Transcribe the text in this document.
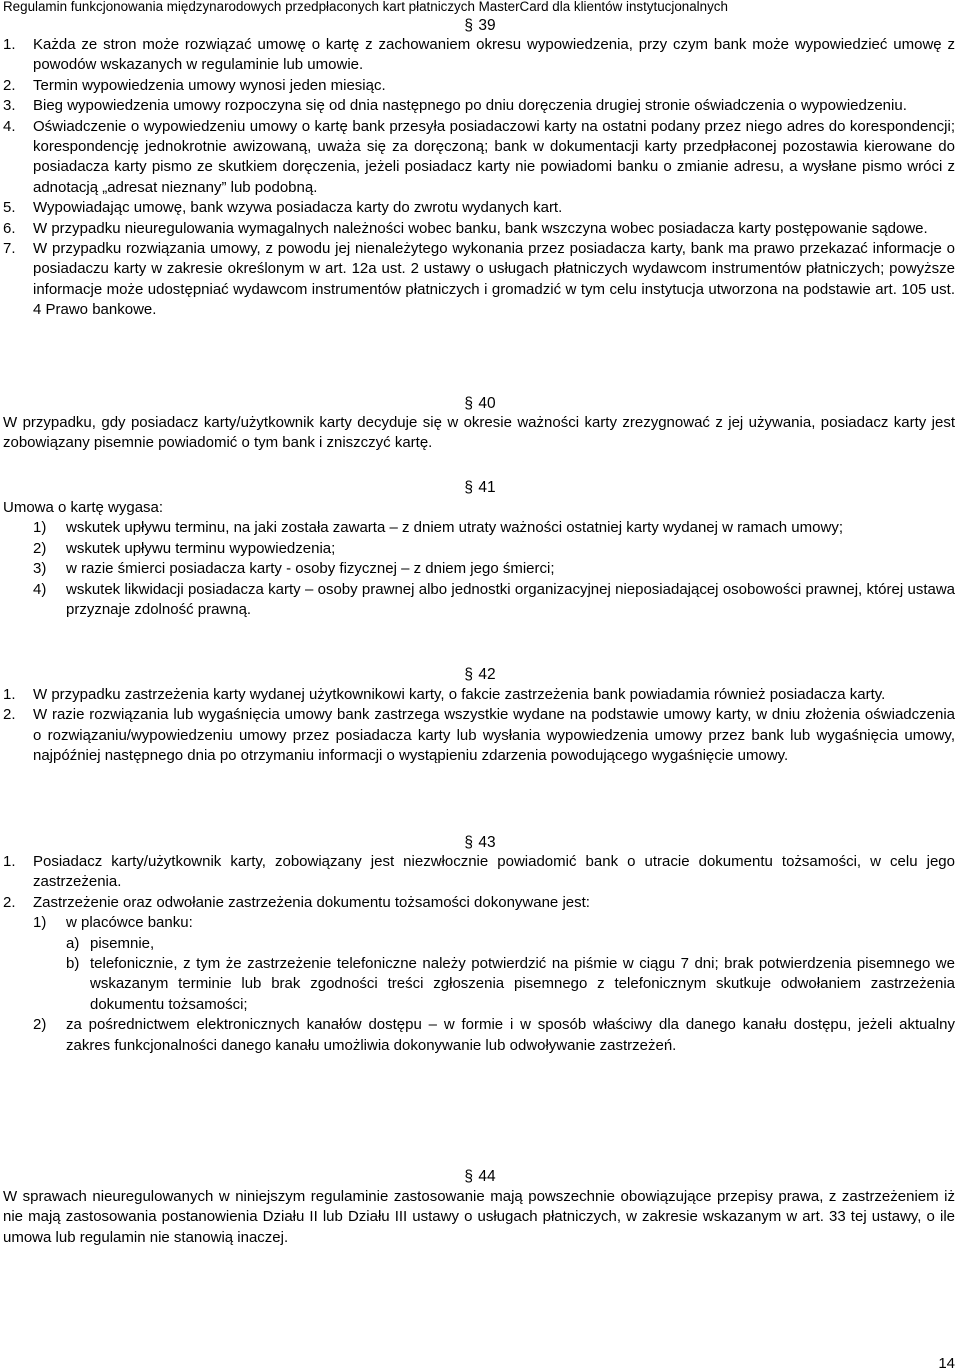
Regulamin funkcjonowania międzynarodowych przedpłaconych kart płatniczych MasterCard dla klientów instytucjonalnych
§ 39
1. Każda ze stron może rozwiązać umowę o kartę z zachowaniem okresu wypowiedzenia, przy czym bank może wypowiedzieć umowę z powodów wskazanych w regulaminie lub umowie.
2. Termin wypowiedzenia umowy wynosi jeden miesiąc.
3. Bieg wypowiedzenia umowy rozpoczyna się od dnia następnego po dniu doręczenia drugiej stronie oświadczenia o wypowiedzeniu.
4. Oświadczenie o wypowiedzeniu umowy o kartę bank przesyła posiadaczowi karty na ostatni podany przez niego adres do korespondencji; korespondencję jednokrotnie awizowaną, uważa się za doręczoną; bank w dokumentacji karty przedpłaconej pozostawia kierowane do posiadacza karty pismo ze skutkiem doręczenia, jeżeli posiadacz karty nie powiadomi banku o zmianie adresu, a wysłane pismo wróci z adnotacją „adresat nieznany” lub podobną.
5. Wypowiadając umowę, bank wzywa posiadacza karty do zwrotu wydanych kart.
6. W przypadku nieuregulowania wymagalnych należności wobec banku, bank wszczyna wobec posiadacza karty postępowanie sądowe.
7. W przypadku rozwiązania umowy, z powodu jej nienależytego wykonania przez posiadacza karty, bank ma prawo przekazać informacje o posiadaczu karty w zakresie określonym w art. 12a ust. 2 ustawy o usługach płatniczych wydawcom instrumentów płatniczych; powyższe informacje może udostępniać wydawcom instrumentów płatniczych i gromadzić w tym celu instytucja utworzona na podstawie art. 105 ust. 4 Prawo bankowe.
§ 40
W przypadku, gdy posiadacz karty/użytkownik karty decyduje się w okresie ważności karty zrezygnować z jej używania, posiadacz karty jest zobowiązany pisemnie powiadomić o tym bank i zniszczyć kartę.
§ 41
Umowa o kartę wygasa:
1) wskutek upływu terminu, na jaki została zawarta – z dniem utraty ważności ostatniej karty wydanej w ramach umowy;
2) wskutek upływu terminu wypowiedzenia;
3) w razie śmierci posiadacza karty - osoby fizycznej – z dniem jego śmierci;
4) wskutek likwidacji posiadacza karty – osoby prawnej albo jednostki organizacyjnej nieposiadającej osobowości prawnej, której ustawa przyznaje zdolność prawną.
§ 42
1. W przypadku zastrzeżenia karty wydanej użytkownikowi karty, o fakcie zastrzeżenia bank powiadamia również posiadacza karty.
2. W razie rozwiązania lub wygaśnięcia umowy bank zastrzega wszystkie wydane na podstawie umowy karty, w dniu złożenia oświadczenia o rozwiązaniu/wypowiedzeniu umowy przez posiadacza karty lub wysłania wypowiedzenia umowy przez bank lub wygaśnięcia umowy, najpóźniej następnego dnia po otrzymaniu informacji o wystąpieniu zdarzenia powodującego wygaśnięcie umowy.
§ 43
1. Posiadacz karty/użytkownik karty, zobowiązany jest niezwłocznie powiadomić bank o utracie dokumentu tożsamości, w celu jego zastrzeżenia.
2. Zastrzeżenie oraz odwołanie zastrzeżenia dokumentu tożsamości dokonywane jest:
1) w placówce banku:
a) pisemnie,
b) telefonicznie, z tym że zastrzeżenie telefoniczne należy potwierdzić na piśmie w ciągu 7 dni; brak potwierdzenia pisemnego we wskazanym terminie lub brak zgodności treści zgłoszenia pisemnego z telefonicznym skutkuje odwołaniem zastrzeżenia dokumentu tożsamości;
2) za pośrednictwem elektronicznych kanałów dostępu – w formie i w sposób właściwy dla danego kanału dostępu, jeżeli aktualny zakres funkcjonalności danego kanału umożliwia dokonywanie lub odwoływanie zastrzeżeń.
§ 44
W sprawach nieuregulowanych w niniejszym regulaminie zastosowanie mają powszechnie obowiązujące przepisy prawa, z zastrzeżeniem iż nie mają zastosowania postanowienia Działu II lub Działu III ustawy o usługach płatniczych, w zakresie wskazanym w art. 33 tej ustawy, o ile umowa lub regulamin nie stanowią inaczej.
14
